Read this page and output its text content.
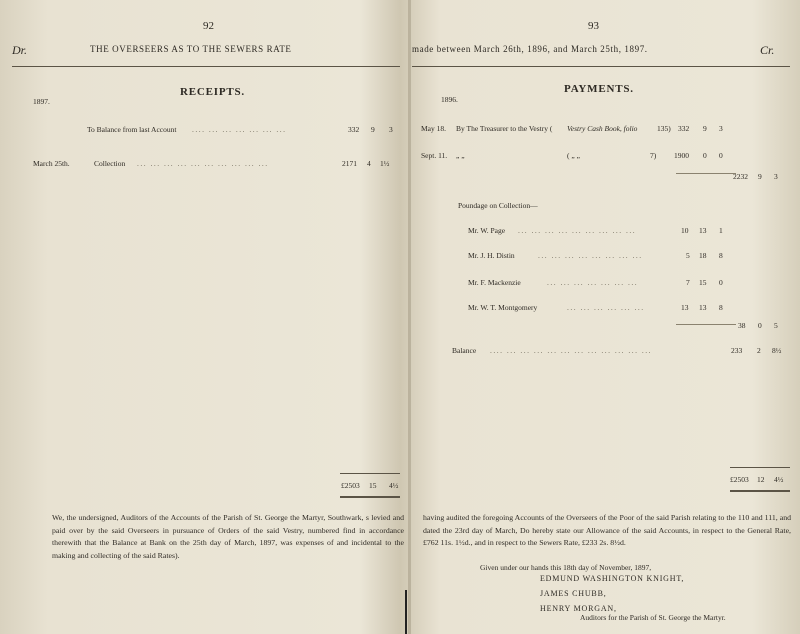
92
Dr.	THE OVERSEERS AS TO THE SEWERS RATE
RECEIPTS.
1897.
To Balance from last Account .... ... ... ... ... ... ...	332 9 3
March 25th.	Collection ... ... ... ... ... ... ... ... ... ...	2171 4 1½
£2503 15 4½
We, the undersigned, Auditors of the Accounts of the Parish of St. George the Martyr, Southwark, s levied and paid over by the said Overseers in pursuance of Orders of the said Vestry, numbered find in accordance therewith that the Balance at Bank on the 25th day of March, 1897, was expenses of and incidental to the making and collecting of the said Rates).
93
made between March 26th, 1896, and March 25th, 1897.	Cr.
PAYMENTS.
1896.
May 18. By The Treasurer to the Vestry ( Vestry Cash Book, folio	135) 332 9 3
Sept. 11. „ „	( „ „	7) 1900 0 0
2232 9 3
Poundage on Collection—
Mr. W. Page ... ... ... ... ... ... ... ... ...	10 13 1
Mr. J. H. Distin	... ... ... ... ... ... ... ...	5 18 8
Mr. F. Mackenzie	... ... ... ... ... ... ...	7 15 0
Mr. W. T. Montgomery	... ... ... ... ... ...	13 13 8
38 0 5
Balance .... ... ... ... ... ... ... ... ... ... ... ...	233 2 8½
£2503 12 4½
having audited the foregoing Accounts of the Overseers of the Poor of the said Parish relating to the 110 and 111, and dated the 23rd day of March, Do hereby state our Allowance of the said Accounts, in respect to the General Rate, £762 11s. 1½d., and in respect to the Sewers Rate, £233 2s. 8½d.
Given under our hands this 18th day of November, 1897,
EDMUND WASHINGTON KNIGHT,
JAMES CHUBB,
HENRY MORGAN,
Auditors for the Parish of St. George the Martyr.
